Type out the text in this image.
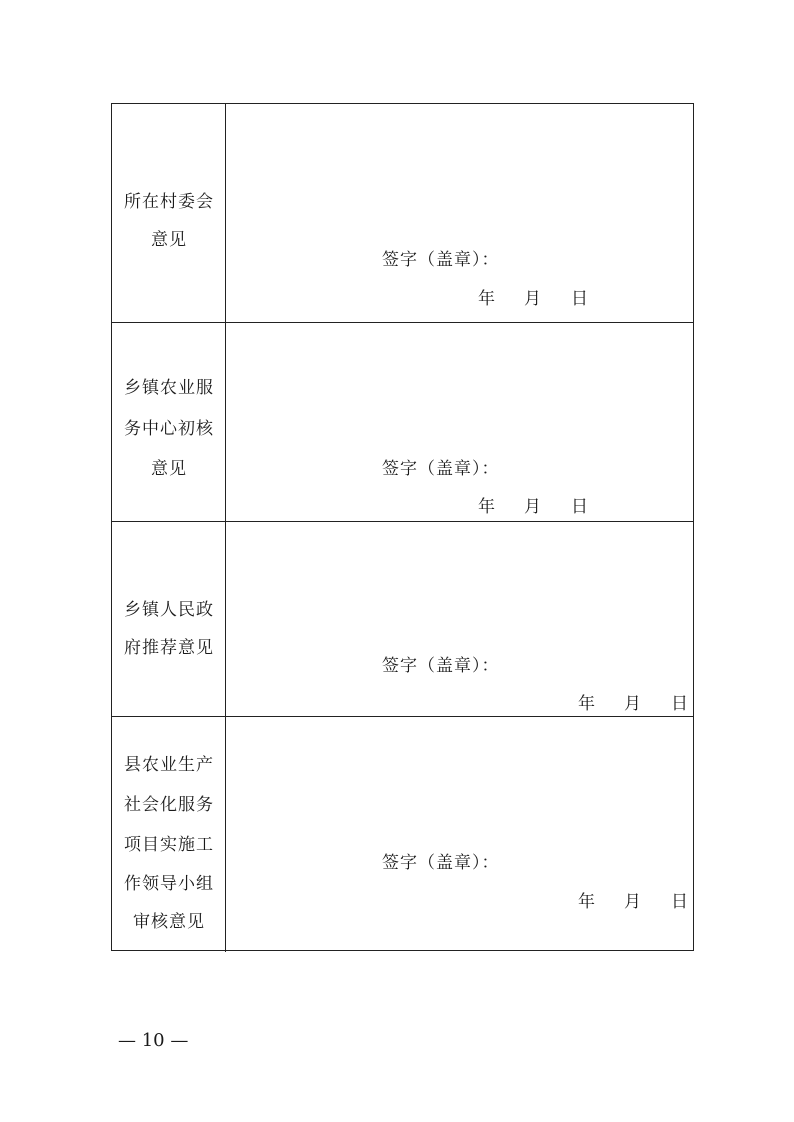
所在村委会
意见
签字（盖章）：
年 月 日
乡镇农业服
务中心初核
意见	签字（盖章）：
年 月 日
乡镇人民政
府推荐意见
签字（盖章）：
年 月 日
县农业生产
社会化服务
项目实施工
作领导小组
审核意见
签字（盖章）：
年 月 日
— 10 —
